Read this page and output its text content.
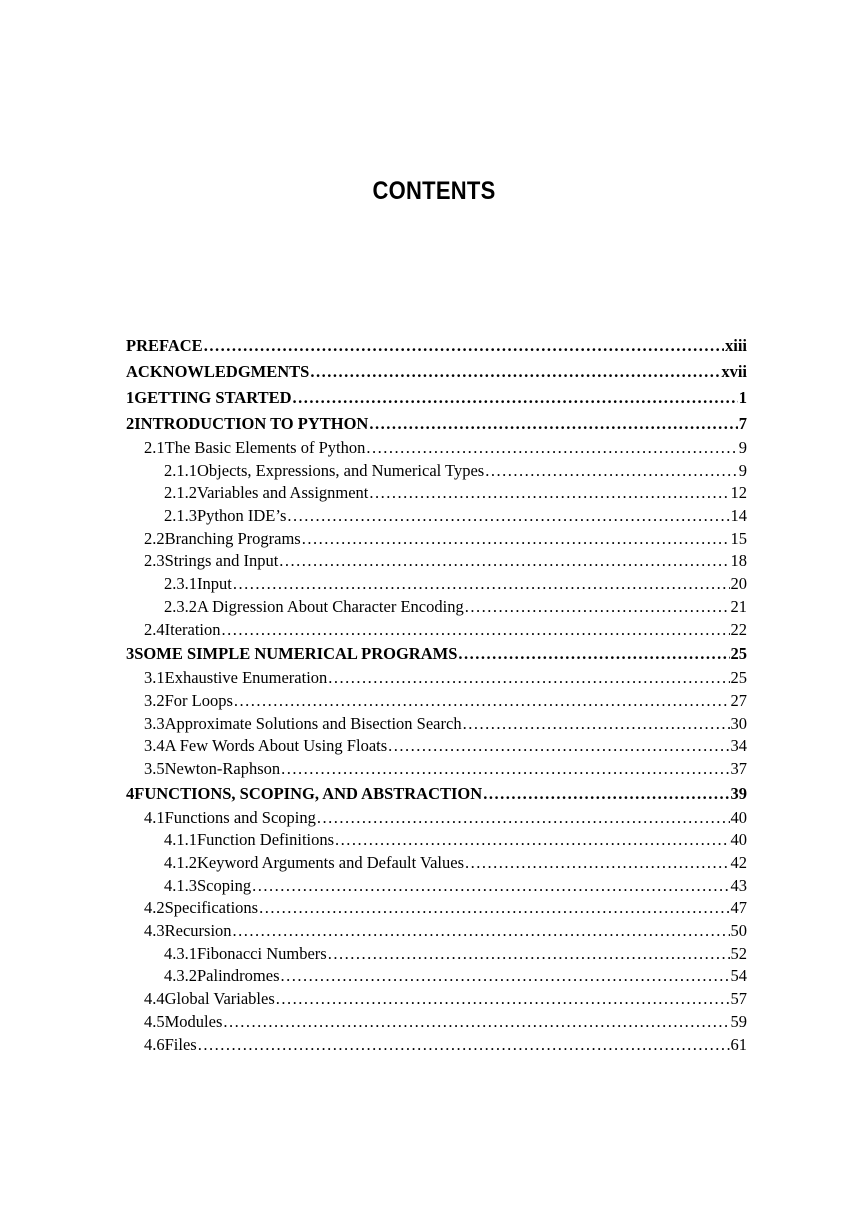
CONTENTS
PREFACE .....	xiii
ACKNOWLEDGMENTS .....	xvii
1 GETTING STARTED .....	1
2 INTRODUCTION TO PYTHON .....	7
2.1 The Basic Elements of Python .....	9
2.1.1 Objects, Expressions, and Numerical Types .....	9
2.1.2 Variables and Assignment .....	12
2.1.3 Python IDE’s .....	14
2.2 Branching Programs .....	15
2.3 Strings and Input .....	18
2.3.1 Input .....	20
2.3.2 A Digression About Character Encoding .....	21
2.4 Iteration .....	22
3 SOME SIMPLE NUMERICAL PROGRAMS .....	25
3.1 Exhaustive Enumeration .....	25
3.2 For Loops .....	27
3.3 Approximate Solutions and Bisection Search .....	30
3.4 A Few Words About Using Floats .....	34
3.5 Newton-Raphson .....	37
4 FUNCTIONS, SCOPING, AND ABSTRACTION .....	39
4.1 Functions and Scoping .....	40
4.1.1 Function Definitions .....	40
4.1.2 Keyword Arguments and Default Values .....	42
4.1.3 Scoping .....	43
4.2 Specifications .....	47
4.3 Recursion .....	50
4.3.1 Fibonacci Numbers .....	52
4.3.2 Palindromes .....	54
4.4 Global Variables .....	57
4.5 Modules .....	59
4.6 Files .....	61
